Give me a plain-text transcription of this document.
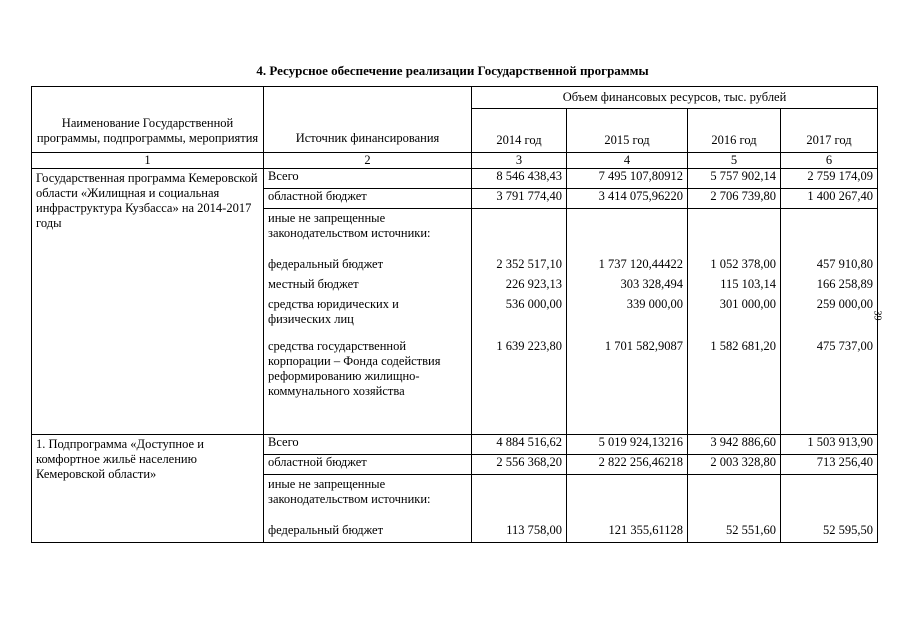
4. Ресурсное обеспечение реализации Государственной программы
39
Наименование Государственной программы, подпрограммы, мероприятия	Источник финансирования	Объем финансовых ресурсов, тыс. рублей			
		2014 год	2015 год	2016 год	2017 год
1	2	3	4	5	6
Государственная программа Кемеровской области «Жилищная и социальная инфраструктура Кузбасса» на 2014-2017 годы	Всего	8 546 438,43	7 495 107,80912	5 757 902,14	2 759 174,09
	областной бюджет	3 791 774,40	3 414 075,96220	2 706 739,80	1 400 267,40
	иные не запрещенные законодательством источники:				
	федеральный бюджет	2 352 517,10	1 737 120,44422	1 052 378,00	457 910,80
	местный бюджет	226 923,13	303 328,494	115 103,14	166 258,89
	средства юридических и физических лиц	536 000,00	339 000,00	301 000,00	259 000,00
	средства государственной корпорации – Фонда содействия реформированию жилищно-коммунального хозяйства	1 639 223,80	1 701 582,9087	1 582 681,20	475 737,00

1. Подпрограмма «Доступное и комфортное жильё населению Кемеровской области»	Всего	4 884 516,62	5 019 924,13216	3 942 886,60	1 503 913,90
	областной бюджет	2 556 368,20	2 822 256,46218	2 003 328,80	713 256,40
	иные не запрещенные законодательством источники:				
	федеральный бюджет	113 758,00	121 355,61128	52 551,60	52 595,50
